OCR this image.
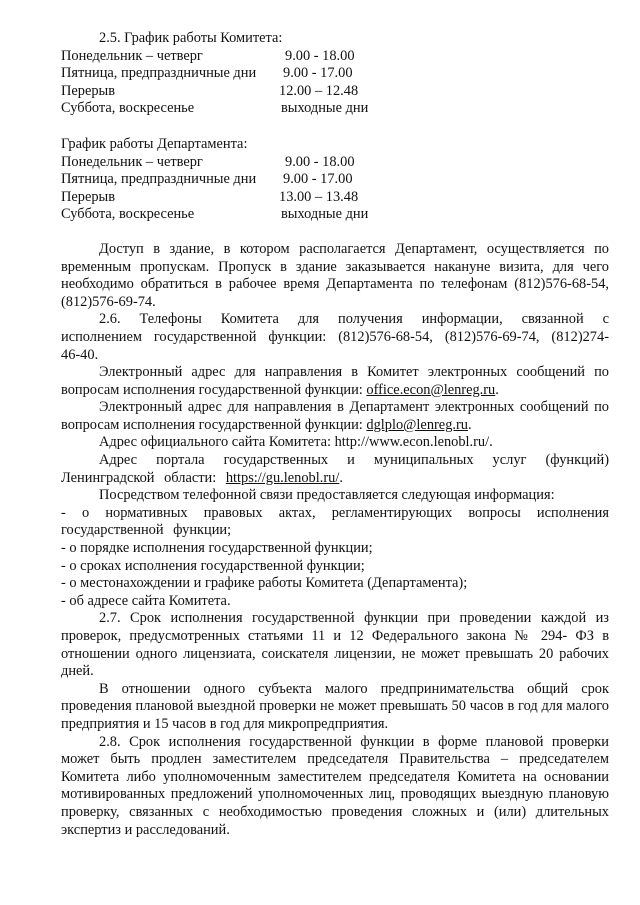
2.5. График работы Комитета:
Понедельник – четверг	9.00 - 18.00
Пятница, предпраздничные дни	9.00 - 17.00
Перерыв	12.00 – 12.48
Суббота, воскресенье	выходные дни
График работы Департамента:
Понедельник – четверг	9.00 - 18.00
Пятница, предпраздничные дни	9.00 - 17.00
Перерыв	13.00 – 13.48
Суббота, воскресенье	выходные дни

Доступ в здание, в котором располагается Департамент, осуществляется по временным пропускам. Пропуск в здание заказывается накануне визита, для чего необходимо обратиться в рабочее время Департамента по телефонам (812)576-68-54, (812)576-69-74.

2.6. Телефоны Комитета для получения информации, связанной с исполнением государственной функции: (812)576-68-54, (812)576-69-74, (812)274-46-40.

Электронный адрес для направления в Комитет электронных сообщений по вопросам исполнения государственной функции: office.econ@lenreg.ru.

Электронный адрес для направления в Департамент электронных сообщений по вопросам исполнения государственной функции: dglplo@lenreg.ru.

Адрес официального сайта Комитета: http://www.econ.lenobl.ru/.

Адрес портала государственных и муниципальных услуг (функций) Ленинградской области: https://gu.lenobl.ru/.

Посредством телефонной связи предоставляется следующая информация:

- о нормативных правовых актах, регламентирующих вопросы исполнения государственной функции;

- о порядке исполнения государственной функции;

- о сроках исполнения государственной функции;

- о местонахождении и графике работы Комитета (Департамента);

- об адресе сайта Комитета.

2.7. Срок исполнения государственной функции при проведении каждой из проверок, предусмотренных статьями 11 и 12 Федерального закона № 294- ФЗ в отношении одного лицензиата, соискателя лицензии, не может превышать 20 рабочих дней.

В отношении одного субъекта малого предпринимательства общий срок проведения плановой выездной проверки не может превышать 50 часов в год для малого предприятия и 15 часов в год для микропредприятия.

2.8. Срок исполнения государственной функции в форме плановой проверки может быть продлен заместителем председателя Правительства – председателем Комитета либо уполномоченным заместителем председателя Комитета на основании мотивированных предложений уполномоченных лиц, проводящих выездную плановую проверку, связанных с необходимостью проведения сложных и (или) длительных экспертиз и расследований.
